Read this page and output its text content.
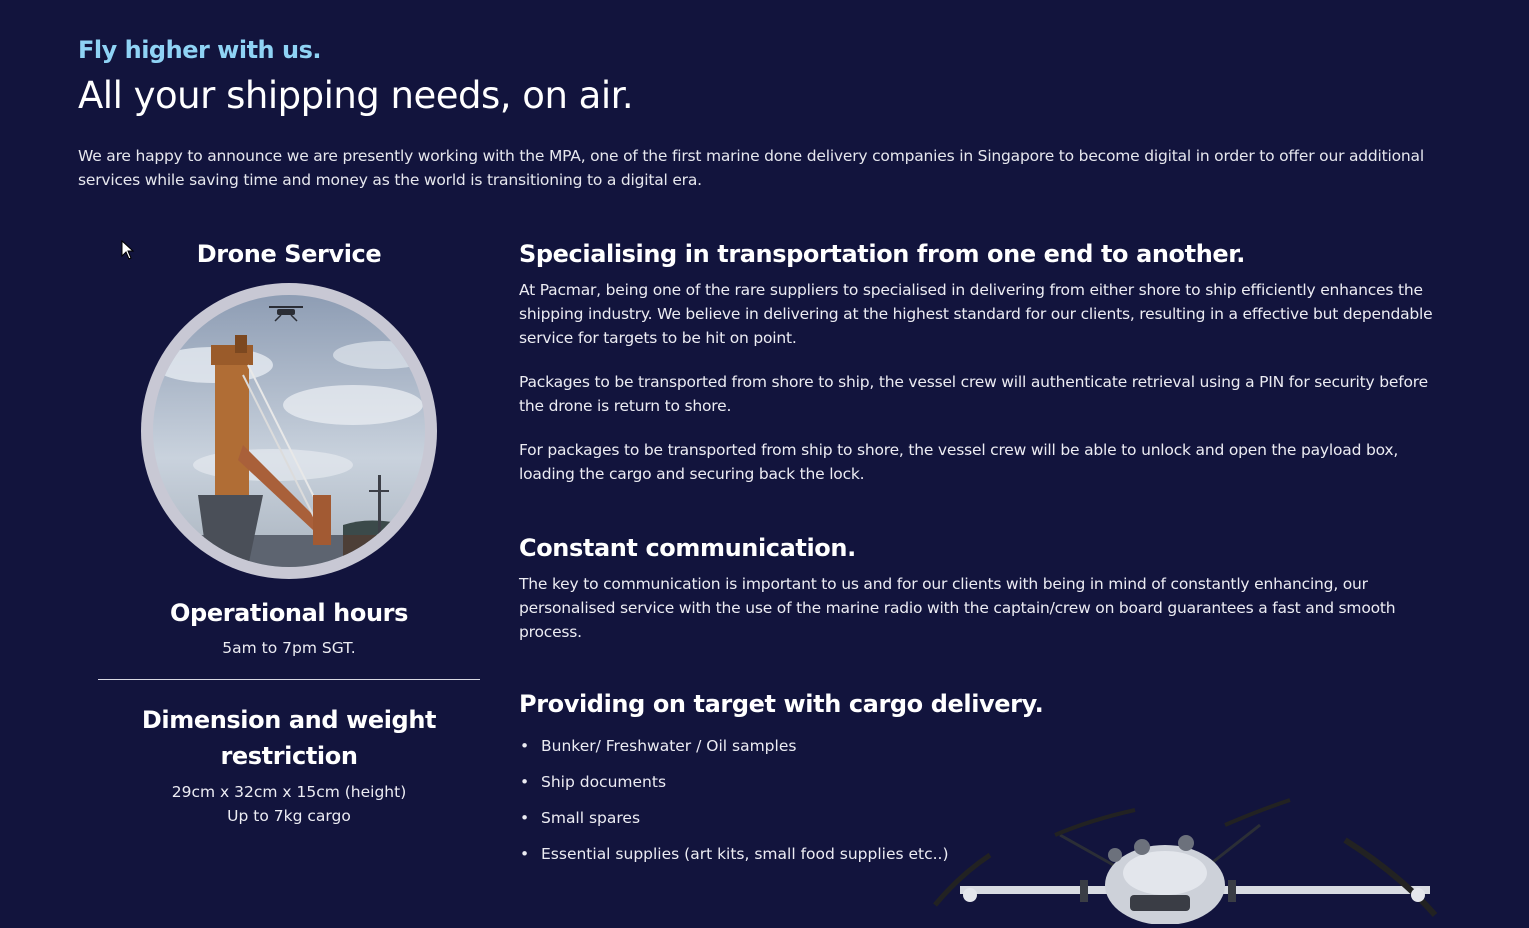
Fly higher with us.
All your shipping needs, on air.
We are happy to announce we are presently working with the MPA, one of the first marine done delivery companies in Singapore to become digital in order to offer our additional services while saving time and money as the world is transitioning to a digital era.
Drone Service
Operational hours
5am to 7pm SGT.
Dimension and weight restriction
29cm x 32cm x 15cm (height)
Up to 7kg cargo
Specialising in transportation from one end to another.

At Pacmar, being one of the rare suppliers to specialised in delivering from either shore to ship efficiently enhances the shipping industry. We believe in delivering at the highest standard for our clients, resulting in a effective but dependable service for targets to be hit on point.

Packages to be transported from shore to ship, the vessel crew will authenticate retrieval using a PIN for security before the drone is return to shore.

For packages to be transported from ship to shore, the vessel crew will be able to unlock and open the payload box, loading the cargo and securing back the lock.

Constant communication.

The key to communication is important to us and for our clients with being in mind of constantly enhancing, our personalised service with the use of the marine radio with the captain/crew on board guarantees a fast and smooth process.

Providing on target with cargo delivery.
• Bunker/ Freshwater / Oil samples
• Ship documents
• Small spares
• Essential supplies (art kits, small food supplies etc..)
